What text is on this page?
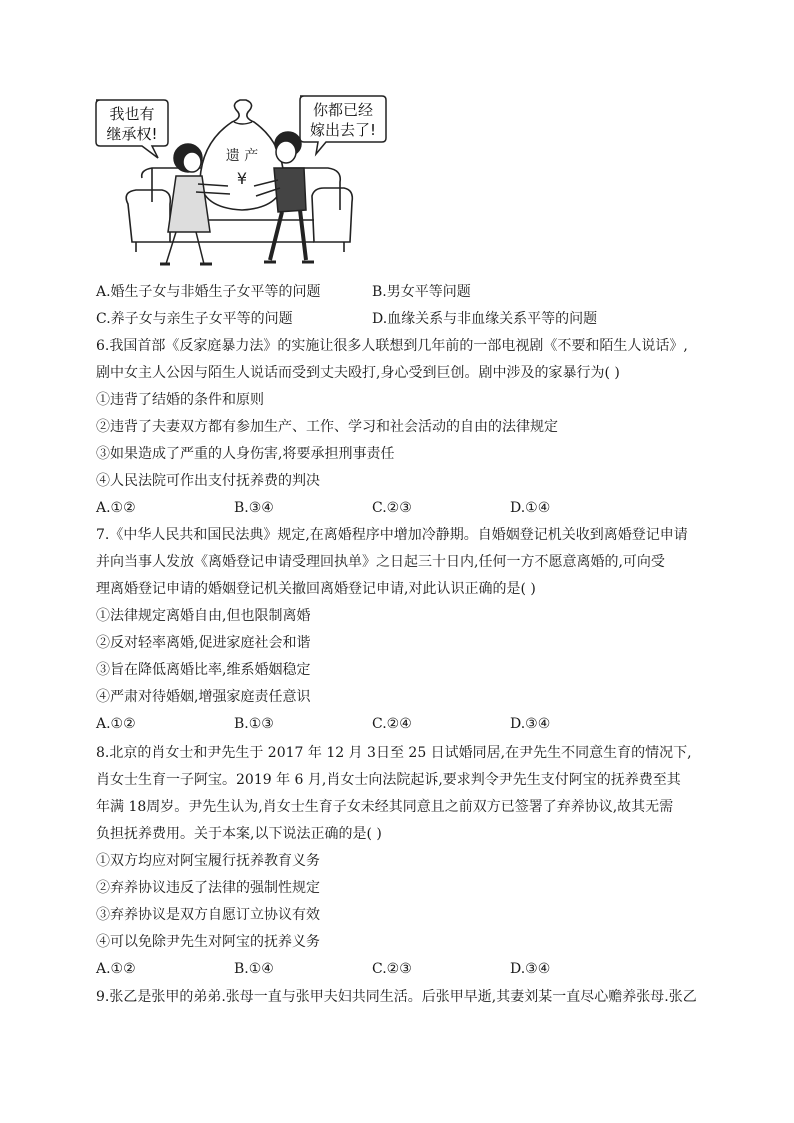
遗 产
¥
我也有
继承权!
你都已经
嫁出去了!
A.婚生子女与非婚生子女平等的问题	B.男女平等问题
C.养子女与亲生子女平等的问题	D.血缘关系与非血缘关系平等的问题
6.我国首部《反家庭暴力法》的实施让很多人联想到几年前的一部电视剧《不要和陌生人说话》,
剧中女主人公因与陌生人说话而受到丈夫殴打,身心受到巨创。剧中涉及的家暴行为( )
①违背了结婚的条件和原则
②违背了夫妻双方都有参加生产、工作、学习和社会活动的自由的法律规定
③如果造成了严重的人身伤害,将要承担刑事责任
④人民法院可作出支付抚养费的判决
A.①②	B.③④	C.②③	D.①④
7.《中华人民共和国民法典》规定,在离婚程序中增加冷静期。自婚姻登记机关收到离婚登记申请
并向当事人发放《离婚登记申请受理回执单》之日起三十日内,任何一方不愿意离婚的,可向受
理离婚登记申请的婚姻登记机关撤回离婚登记申请,对此认识正确的是( )
①法律规定离婚自由,但也限制离婚
②反对轻率离婚,促进家庭社会和谐
③旨在降低离婚比率,维系婚姻稳定
④严肃对待婚姻,增强家庭责任意识
A.①②	B.①③	C.②④	D.③④
8.北京的肖女士和尹先生于 2017 年 12 月 3日至 25 日试婚同居,在尹先生不同意生育的情况下,
肖女士生育一子阿宝。2019 年 6 月,肖女士向法院起诉,要求判令尹先生支付阿宝的抚养费至其
年满 18周岁。尹先生认为,肖女士生育子女未经其同意且之前双方已签署了弃养协议,故其无需
负担抚养费用。关于本案,以下说法正确的是( )
①双方均应对阿宝履行抚养教育义务
②弃养协议违反了法律的强制性规定
③弃养协议是双方自愿订立协议有效
④可以免除尹先生对阿宝的抚养义务
A.①②	B.①④	C.②③	D.③④
9.张乙是张甲的弟弟.张母一直与张甲夫妇共同生活。后张甲早逝,其妻刘某一直尽心赡养张母.张乙
